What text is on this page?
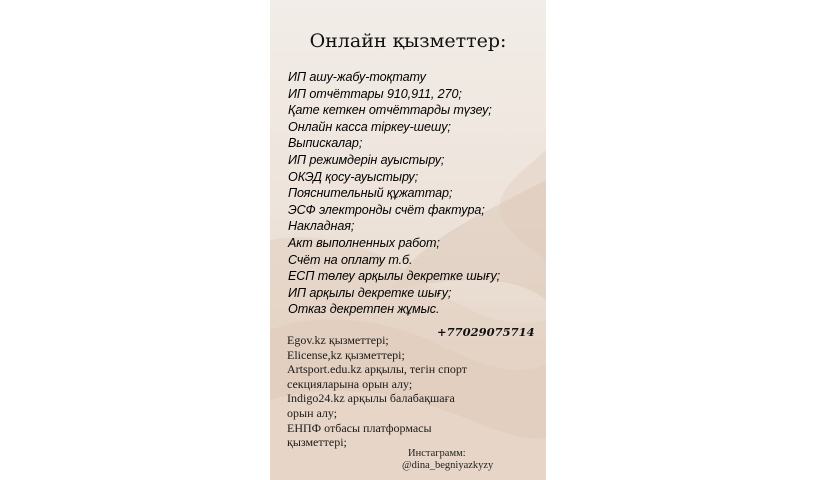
Онлайн қызметтер:
ИП ашу-жабу-тоқтату
ИП отчёттары 910,911, 270;
Қате кеткен отчёттарды түзеу;
Онлайн касса тіркеу-шешу;
Выпискалар;
ИП режимдерін ауыстыру;
ОКЭД қосу-ауыстыру;
Пояснительный құжаттар;
ЭСФ электронды счёт фактура;
Накладная;
Акт выполненных работ;
Счёт на оплату т.б.
ЕСП төлеу арқылы декретке шығу;
ИП арқылы декретке шығу;
Отказ декретпен жұмыс.
+77029075714
Egov.kz қызметтері;
Elicense,kz қызметтері;
Artsport.edu.kz арқылы, тегін спорт
секцияларына орын алу;
Indigo24.kz арқылы балабақшаға
орын алу;
ЕНПФ отбасы платформасы
қызметтері;
Инстаграмм:
@dina_begniyazkyzy
